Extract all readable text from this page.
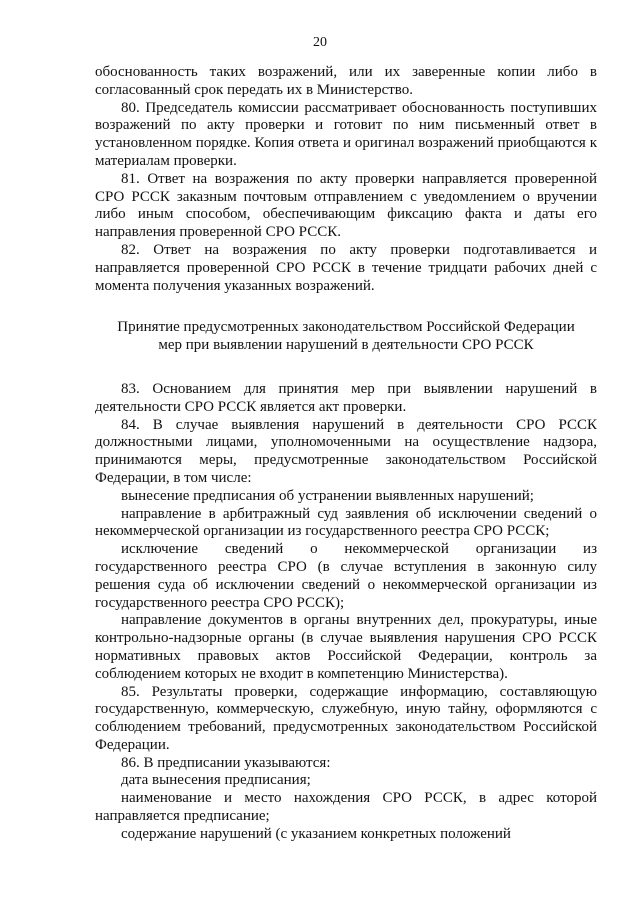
20

обоснованность таких возражений, или их заверенные копии либо в согласованный срок передать их в Министерство.

80. Председатель комиссии рассматривает обоснованность поступивших возражений по акту проверки и готовит по ним письменный ответ в установленном порядке. Копия ответа и оригинал возражений приобщаются к материалам проверки.

81. Ответ на возражения по акту проверки направляется проверенной СРО РССК заказным почтовым отправлением с уведомлением о вручении либо иным способом, обеспечивающим фиксацию факта и даты его направления проверенной СРО РССК.

82. Ответ на возражения по акту проверки подготавливается и направляется проверенной СРО РССК в течение тридцати рабочих дней с момента получения указанных возражений.

Принятие предусмотренных законодательством Российской Федерации
мер при выявлении нарушений в деятельности СРО РССК

83. Основанием для принятия мер при выявлении нарушений в деятельности СРО РССК является акт проверки.

84. В случае выявления нарушений в деятельности СРО РССК должностными лицами, уполномоченными на осуществление надзора, принимаются меры, предусмотренные законодательством Российской Федерации, в том числе:

вынесение предписания об устранении выявленных нарушений;

направление в арбитражный суд заявления об исключении сведений о некоммерческой организации из государственного реестра СРО РССК;

исключение сведений о некоммерческой организации из государственного реестра СРО (в случае вступления в законную силу решения суда об исключении сведений о некоммерческой организации из государственного реестра СРО РССК);

направление документов в органы внутренних дел, прокуратуры, иные контрольно-надзорные органы (в случае выявления нарушения СРО РССК нормативных правовых актов Российской Федерации, контроль за соблюдением которых не входит в компетенцию Министерства).

85. Результаты проверки, содержащие информацию, составляющую государственную, коммерческую, служебную, иную тайну, оформляются с соблюдением требований, предусмотренных законодательством Российской Федерации.

86. В предписании указываются:

дата вынесения предписания;

наименование и место нахождения СРО РССК, в адрес которой направляется предписание;

содержание нарушений (с указанием конкретных положений
